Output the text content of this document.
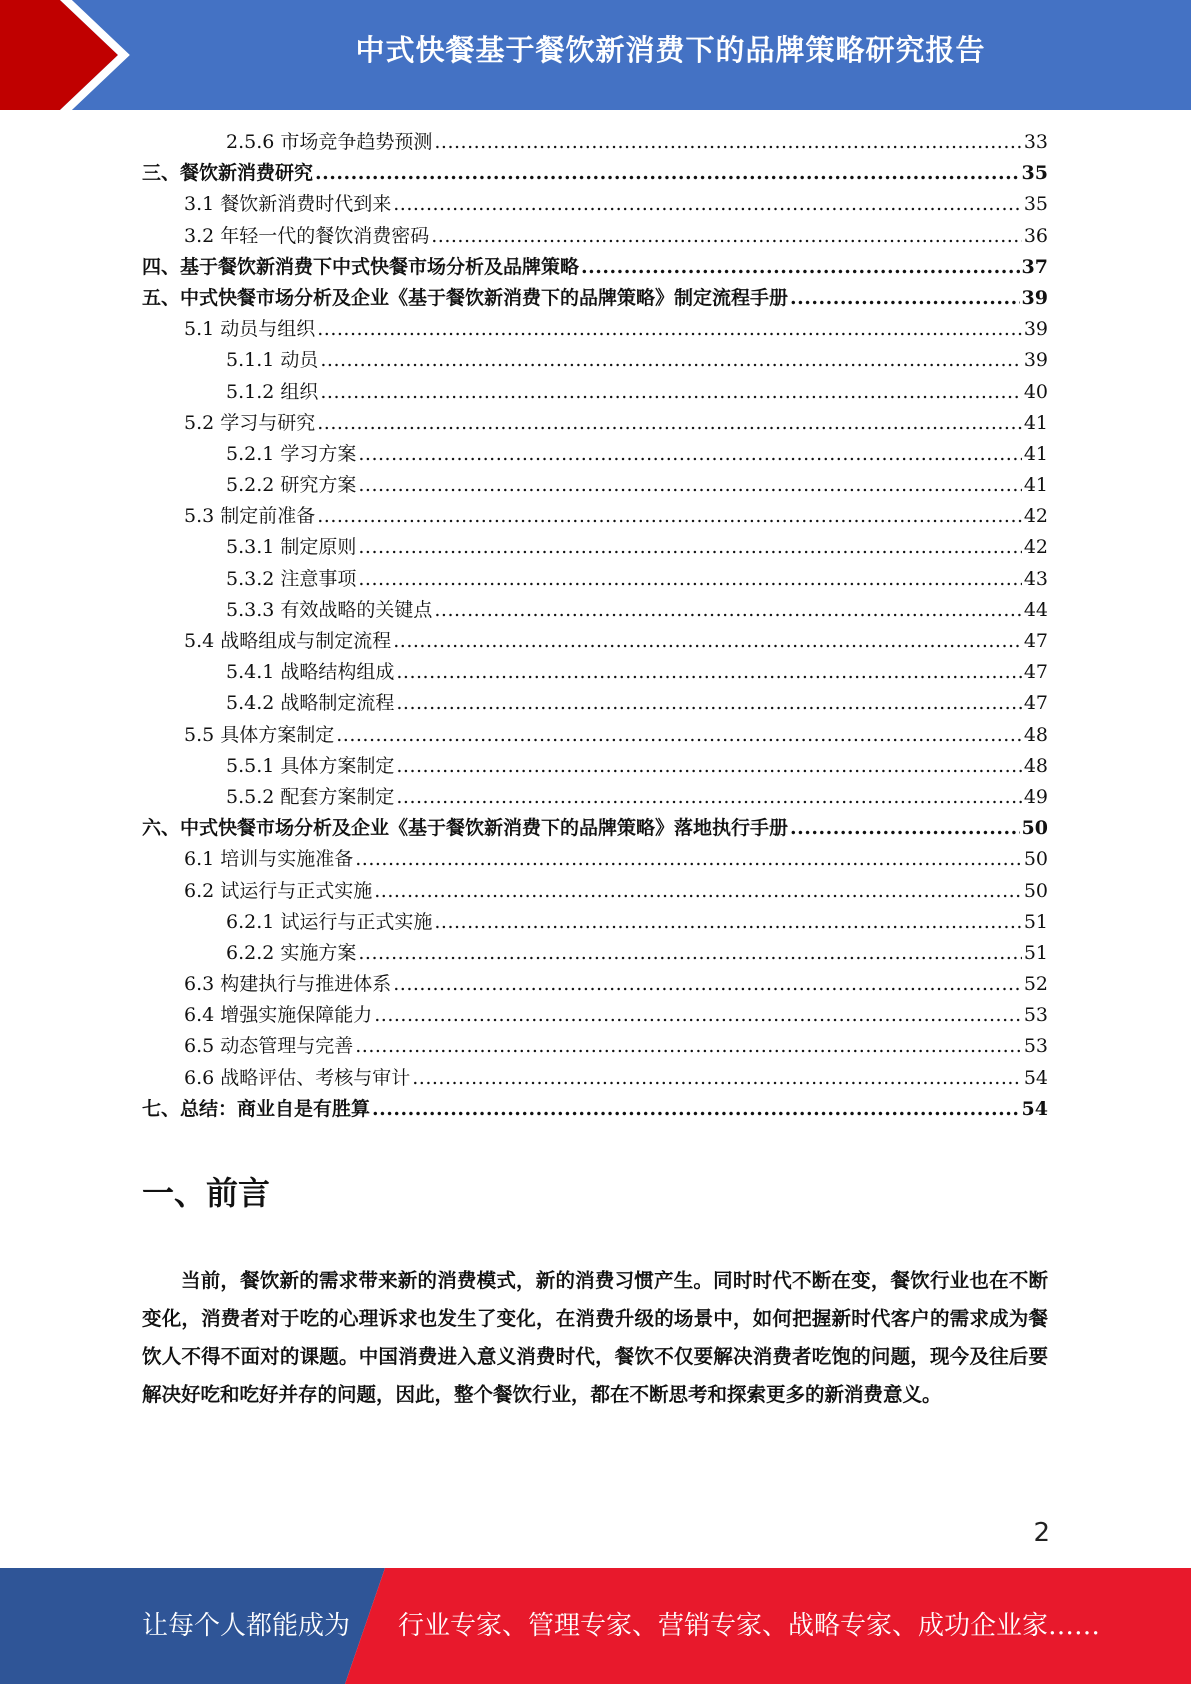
中式快餐基于餐饮新消费下的品牌策略研究报告
2.5.6 市场竞争趋势预测 .....	33
三、餐饮新消费研究 .....	35
3.1 餐饮新消费时代到来 .....	35
3.2 年轻一代的餐饮消费密码 .....	36
四、基于餐饮新消费下中式快餐市场分析及品牌策略 .....	37
五、中式快餐市场分析及企业《基于餐饮新消费下的品牌策略》制定流程手册 .....	39
5.1 动员与组织 .....	39
5.1.1 动员 .....	39
5.1.2 组织 .....	40
5.2 学习与研究 .....	41
5.2.1 学习方案 .....	41
5.2.2 研究方案 .....	41
5.3 制定前准备 .....	42
5.3.1 制定原则 .....	42
5.3.2 注意事项 .....	43
5.3.3 有效战略的关键点 .....	44
5.4 战略组成与制定流程 .....	47
5.4.1 战略结构组成 .....	47
5.4.2 战略制定流程 .....	47
5.5 具体方案制定 .....	48
5.5.1 具体方案制定 .....	48
5.5.2 配套方案制定 .....	49
六、中式快餐市场分析及企业《基于餐饮新消费下的品牌策略》落地执行手册 .....	50
6.1 培训与实施准备 .....	50
6.2 试运行与正式实施 .....	50
6.2.1 试运行与正式实施 .....	51
6.2.2 实施方案 .....	51
6.3 构建执行与推进体系 .....	52
6.4 增强实施保障能力 .....	53
6.5 动态管理与完善 .....	53
6.6 战略评估、考核与审计 .....	54
七、总结：商业自是有胜算 .....	54
一、前言

当前，餐饮新的需求带来新的消费模式，新的消费习惯产生。同时时代不断在变，餐饮行业也在不断变化，消费者对于吃的心理诉求也发生了变化，在消费升级的场景中，如何把握新时代客户的需求成为餐饮人不得不面对的课题。中国消费进入意义消费时代，餐饮不仅要解决消费者吃饱的问题，现今及往后要解决好吃和吃好并存的问题，因此，整个餐饮行业，都在不断思考和探索更多的新消费意义。

2
让每个人都能成为 行业专家、管理专家、营销专家、战略专家、成功企业家……
